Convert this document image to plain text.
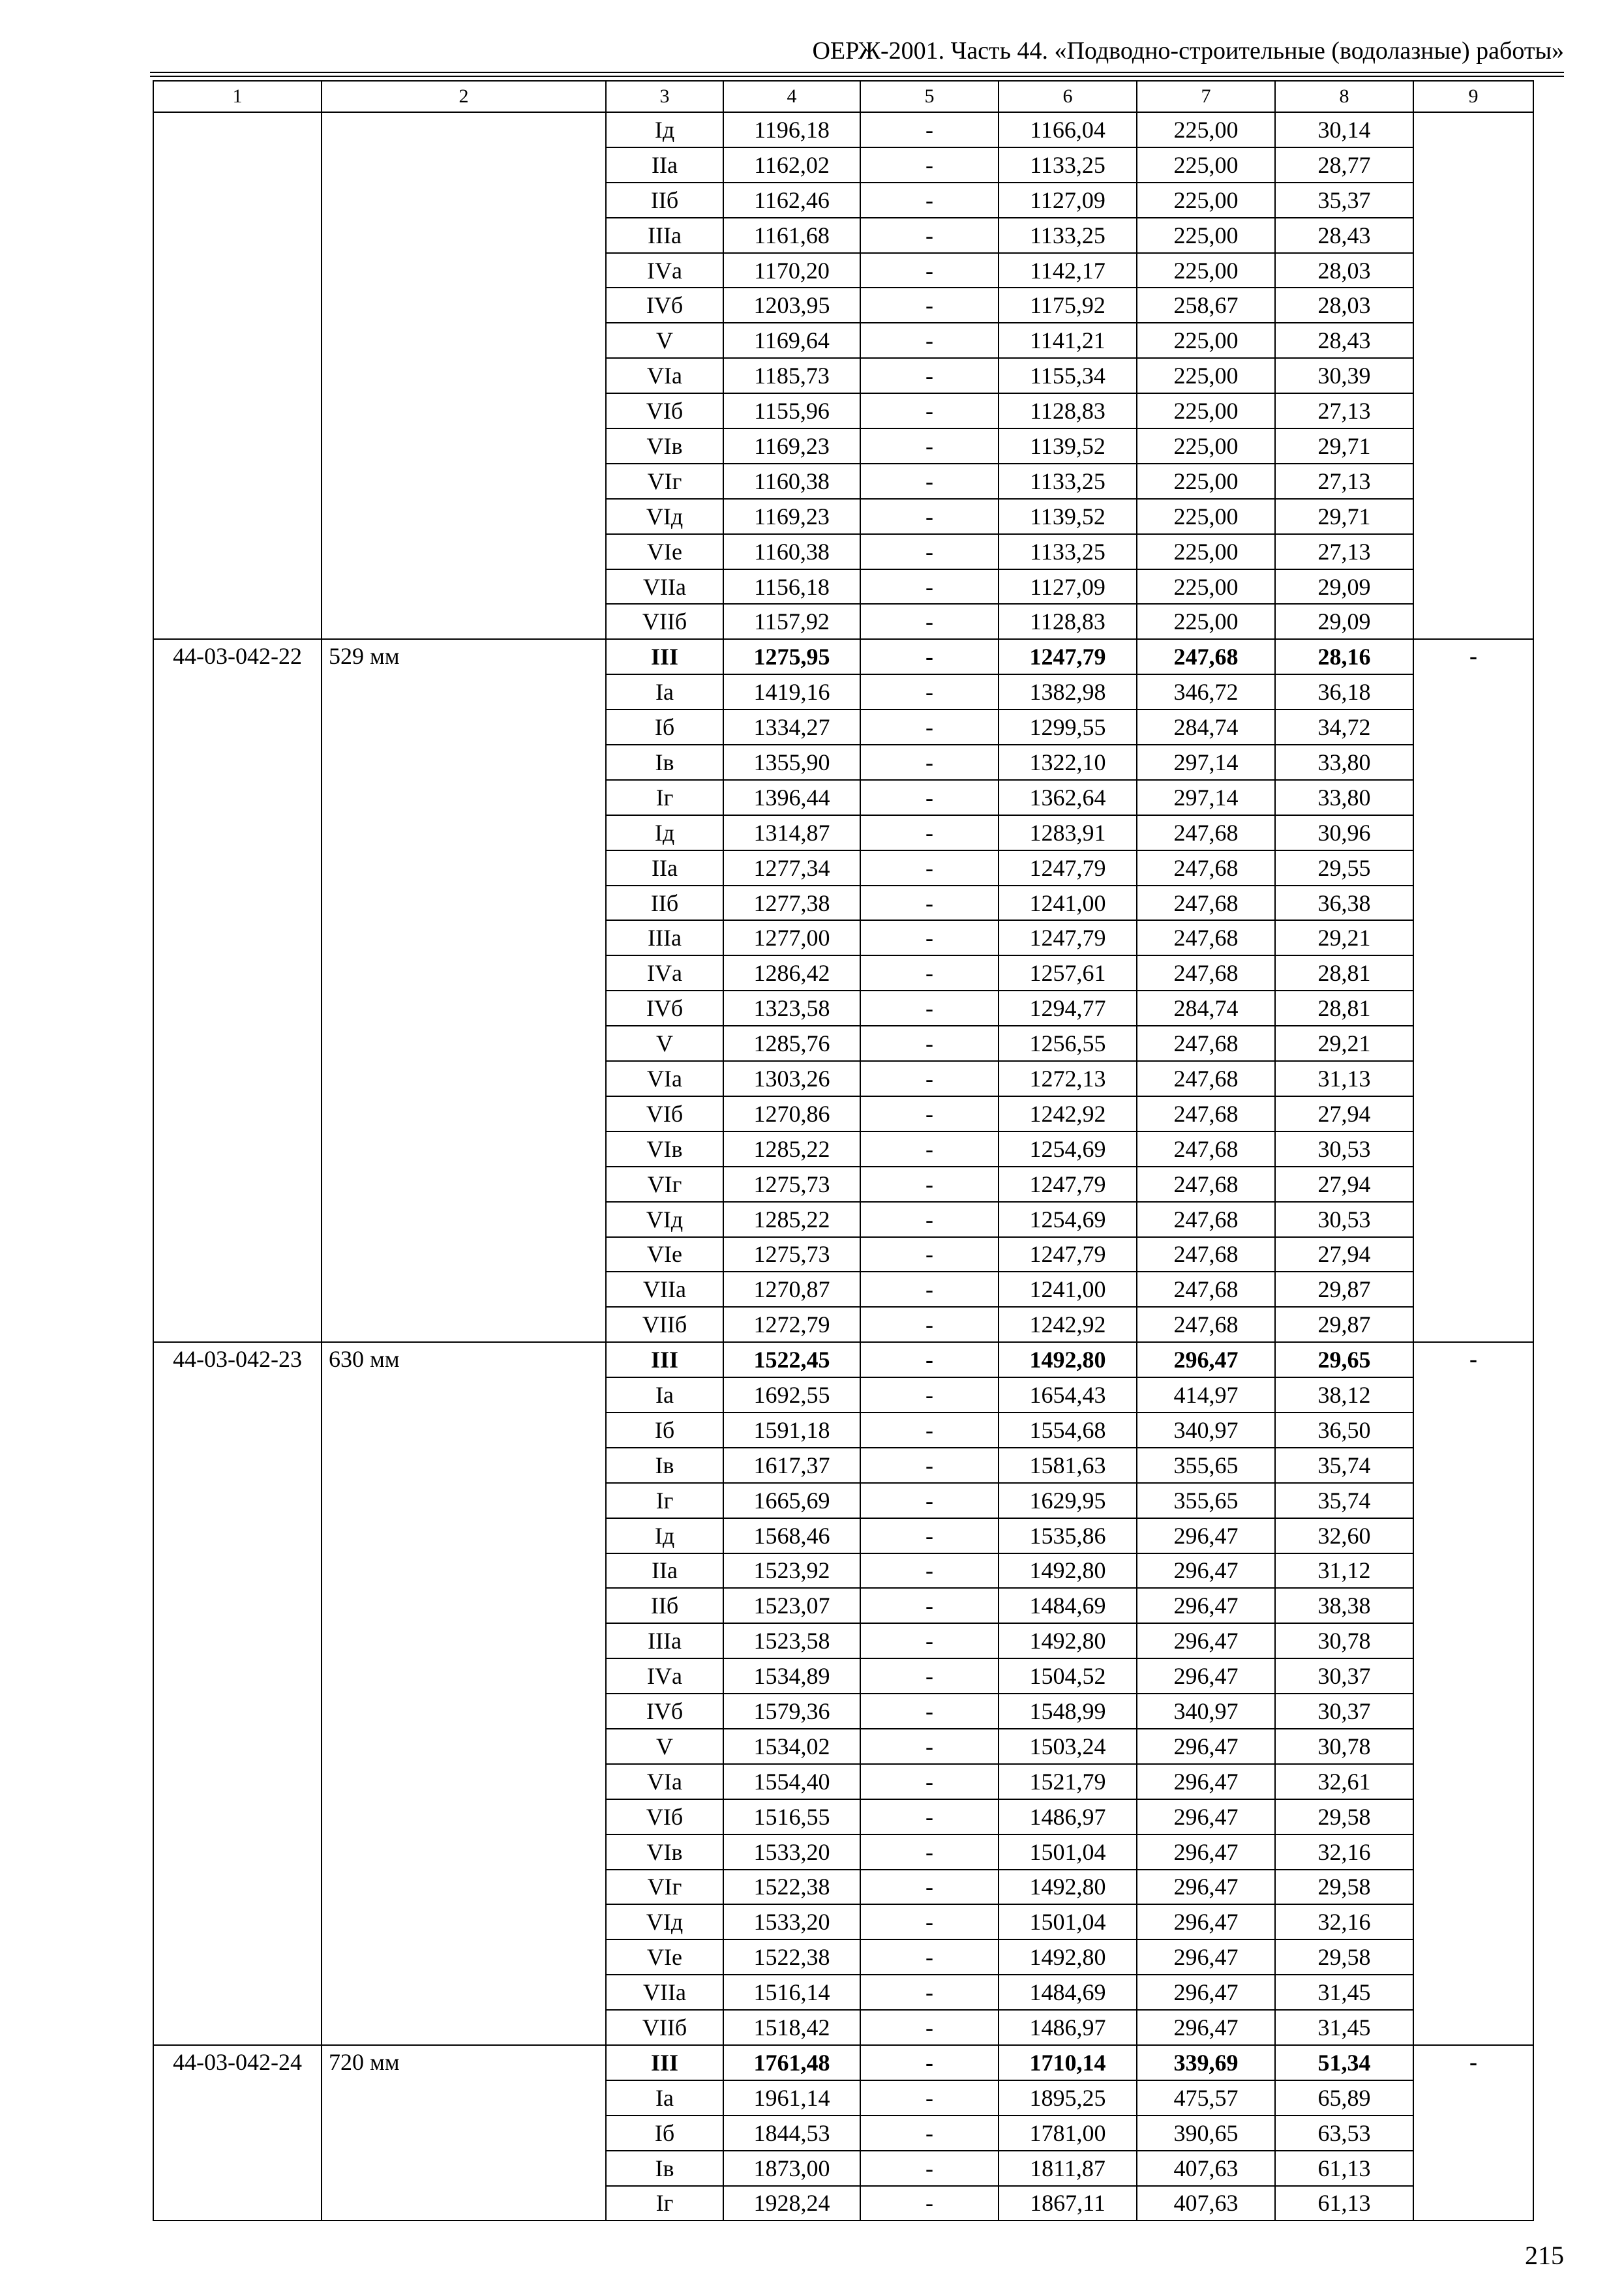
ОЕРЖ-2001. Часть 44. «Подводно-строительные (водолазные) работы»
1	2	3	4	5	6	7	8	9
		Iд	1196,18	-	1166,04	225,00	30,14	
		IIа	1162,02	-	1133,25	225,00	28,77	
		IIб	1162,46	-	1127,09	225,00	35,37	
		IIIа	1161,68	-	1133,25	225,00	28,43	
		IVа	1170,20	-	1142,17	225,00	28,03	
		IVб	1203,95	-	1175,92	258,67	28,03	
		V	1169,64	-	1141,21	225,00	28,43	
		VIа	1185,73	-	1155,34	225,00	30,39	
		VIб	1155,96	-	1128,83	225,00	27,13	
		VIв	1169,23	-	1139,52	225,00	29,71	
		VIг	1160,38	-	1133,25	225,00	27,13	
		VIд	1169,23	-	1139,52	225,00	29,71	
		VIе	1160,38	-	1133,25	225,00	27,13	
		VIIа	1156,18	-	1127,09	225,00	29,09	
		VIIб	1157,92	-	1128,83	225,00	29,09	
44-03-042-22	529 мм	III	1275,95	-	1247,79	247,68	28,16	-
		Iа	1419,16	-	1382,98	346,72	36,18	
		Iб	1334,27	-	1299,55	284,74	34,72	
		Iв	1355,90	-	1322,10	297,14	33,80	
		Iг	1396,44	-	1362,64	297,14	33,80	
		Iд	1314,87	-	1283,91	247,68	30,96	
		IIа	1277,34	-	1247,79	247,68	29,55	
		IIб	1277,38	-	1241,00	247,68	36,38	
		IIIа	1277,00	-	1247,79	247,68	29,21	
		IVа	1286,42	-	1257,61	247,68	28,81	
		IVб	1323,58	-	1294,77	284,74	28,81	
		V	1285,76	-	1256,55	247,68	29,21	
		VIа	1303,26	-	1272,13	247,68	31,13	
		VIб	1270,86	-	1242,92	247,68	27,94	
		VIв	1285,22	-	1254,69	247,68	30,53	
		VIг	1275,73	-	1247,79	247,68	27,94	
		VIд	1285,22	-	1254,69	247,68	30,53	
		VIе	1275,73	-	1247,79	247,68	27,94	
		VIIа	1270,87	-	1241,00	247,68	29,87	
		VIIб	1272,79	-	1242,92	247,68	29,87	
44-03-042-23	630 мм	III	1522,45	-	1492,80	296,47	29,65	-
		Iа	1692,55	-	1654,43	414,97	38,12	
		Iб	1591,18	-	1554,68	340,97	36,50	
		Iв	1617,37	-	1581,63	355,65	35,74	
		Iг	1665,69	-	1629,95	355,65	35,74	
		Iд	1568,46	-	1535,86	296,47	32,60	
		IIа	1523,92	-	1492,80	296,47	31,12	
		IIб	1523,07	-	1484,69	296,47	38,38	
		IIIа	1523,58	-	1492,80	296,47	30,78	
		IVа	1534,89	-	1504,52	296,47	30,37	
		IVб	1579,36	-	1548,99	340,97	30,37	
		V	1534,02	-	1503,24	296,47	30,78	
		VIа	1554,40	-	1521,79	296,47	32,61	
		VIб	1516,55	-	1486,97	296,47	29,58	
		VIв	1533,20	-	1501,04	296,47	32,16	
		VIг	1522,38	-	1492,80	296,47	29,58	
		VIд	1533,20	-	1501,04	296,47	32,16	
		VIе	1522,38	-	1492,80	296,47	29,58	
		VIIа	1516,14	-	1484,69	296,47	31,45	
		VIIб	1518,42	-	1486,97	296,47	31,45	
44-03-042-24	720 мм	III	1761,48	-	1710,14	339,69	51,34	-
		Iа	1961,14	-	1895,25	475,57	65,89	
		Iб	1844,53	-	1781,00	390,65	63,53	
		Iв	1873,00	-	1811,87	407,63	61,13	
		Iг	1928,24	-	1867,11	407,63	61,13	
215
